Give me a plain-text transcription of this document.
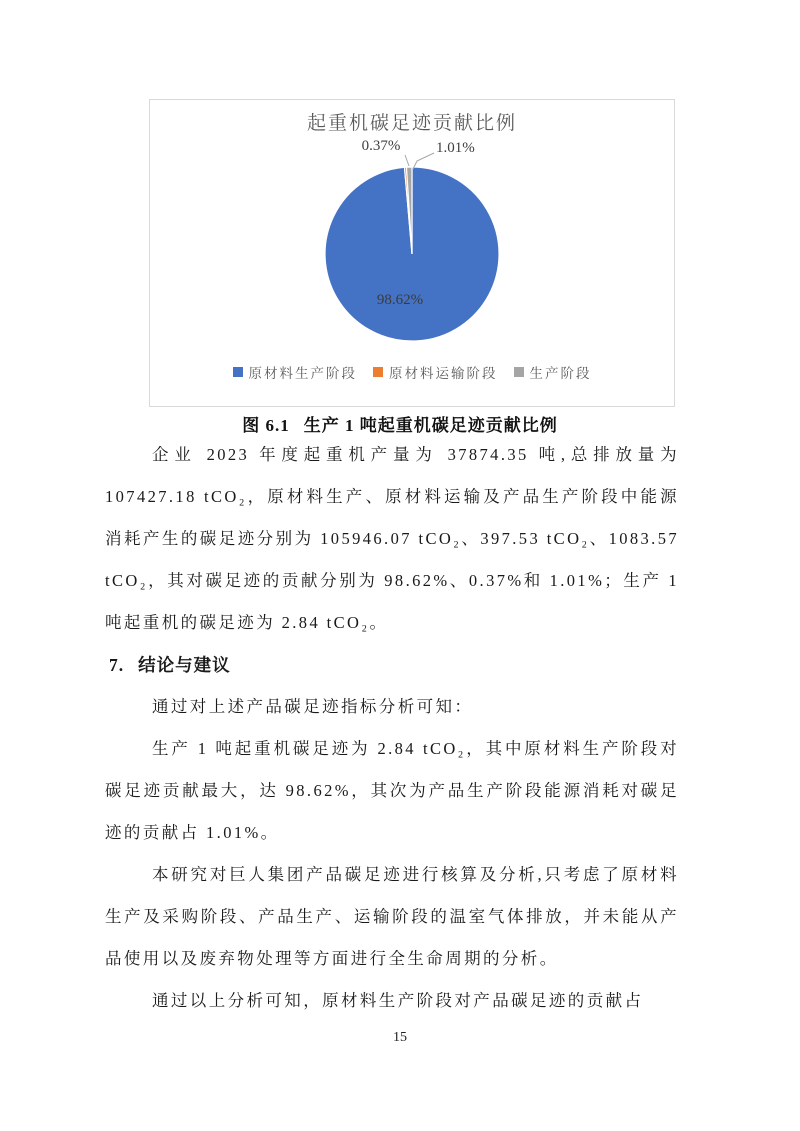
起重机碳足迹贡献比例
0.37%	1.01%
98.62%
原材料生产阶段 原材料运输阶段 生产阶段
图 6.1 生产 1 吨起重机碳足迹贡献比例

企业 2023 年度起重机产量为 37874.35 吨,总排放量为 107427.18 tCO₂，原材料生产、原材料运输及产品生产阶段中能源消耗产生的碳足迹分别为 105946.07 tCO₂、397.53 tCO₂、1083.57 tCO₂，其对碳足迹的贡献分别为 98.62%、0.37%和 1.01%；生产 1 吨起重机的碳足迹为 2.84 tCO₂。

7. 结论与建议

通过对上述产品碳足迹指标分析可知：

生产 1 吨起重机碳足迹为 2.84 tCO₂，其中原材料生产阶段对碳足迹贡献最大，达 98.62%，其次为产品生产阶段能源消耗对碳足迹的贡献占 1.01%。

本研究对巨人集团产品碳足迹进行核算及分析,只考虑了原材料生产及采购阶段、产品生产、运输阶段的温室气体排放，并未能从产品使用以及废弃物处理等方面进行全生命周期的分析。

通过以上分析可知，原材料生产阶段对产品碳足迹的贡献占

15
